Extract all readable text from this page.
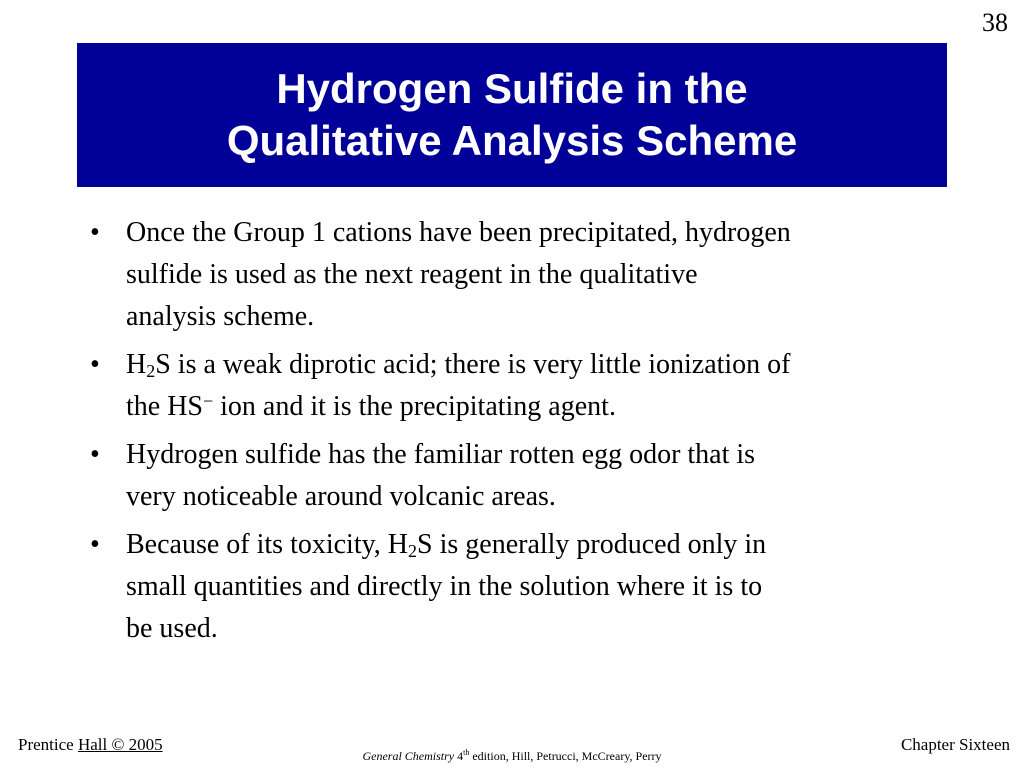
38
Hydrogen Sulfide in the
Qualitative Analysis Scheme
• Once the Group 1 cations have been precipitated, hydrogen
sulfide is used as the next reagent in the qualitative
analysis scheme.
• $H_2S$ is a weak diprotic acid; there is very little ionization of
the HS− ion and it is the precipitating agent.
• Hydrogen sulfide has the familiar rotten egg odor that is
very noticeable around volcanic areas.
• Because of its toxicity, $H_2S$ is generally produced only in
small quantities and directly in the solution where it is to
be used.
Prentice Hall © 2005
General Chemistry 4th edition, Hill, Petrucci, McCreary, Perry
Chapter Sixteen
